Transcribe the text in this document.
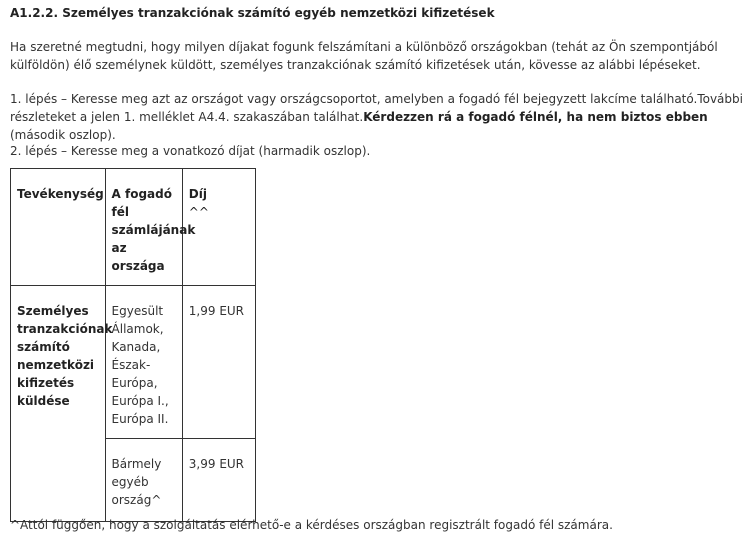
A1.2.2. Személyes tranzakciónak számító egyéb nemzetközi kifizetések

Ha szeretné megtudni, hogy milyen díjakat fogunk felszámítani a különböző országokban (tehát az Ön szempontjából külföldön) élő személynek küldött, személyes tranzakciónak számító kifizetések után, kövesse az alábbi lépéseket.

1. lépés – Keresse meg azt az országot vagy országcsoportot, amelyben a fogadó fél bejegyzett lakcíme található.További részleteket a jelen 1. melléklet A4.4. szakaszában találhat.Kérdezzen rá a fogadó félnél, ha nem biztos ebben (második oszlop).

2. lépés – Keresse meg a vonatkozó díjat (harmadik oszlop).

Tevékenység	A fogadó fél számlájának az országa	Díj
^^
Személyes tranzakciónak számító nemzetközi kifizetés küldése	Egyesült Államok, Kanada, Észak-Európa, Európa I., Európa II.	1,99 EUR
	Bármely egyéb ország^	3,99 EUR

^Attól függően, hogy a szolgáltatás elérhető-e a kérdéses országban regisztrált fogadó fél számára.
